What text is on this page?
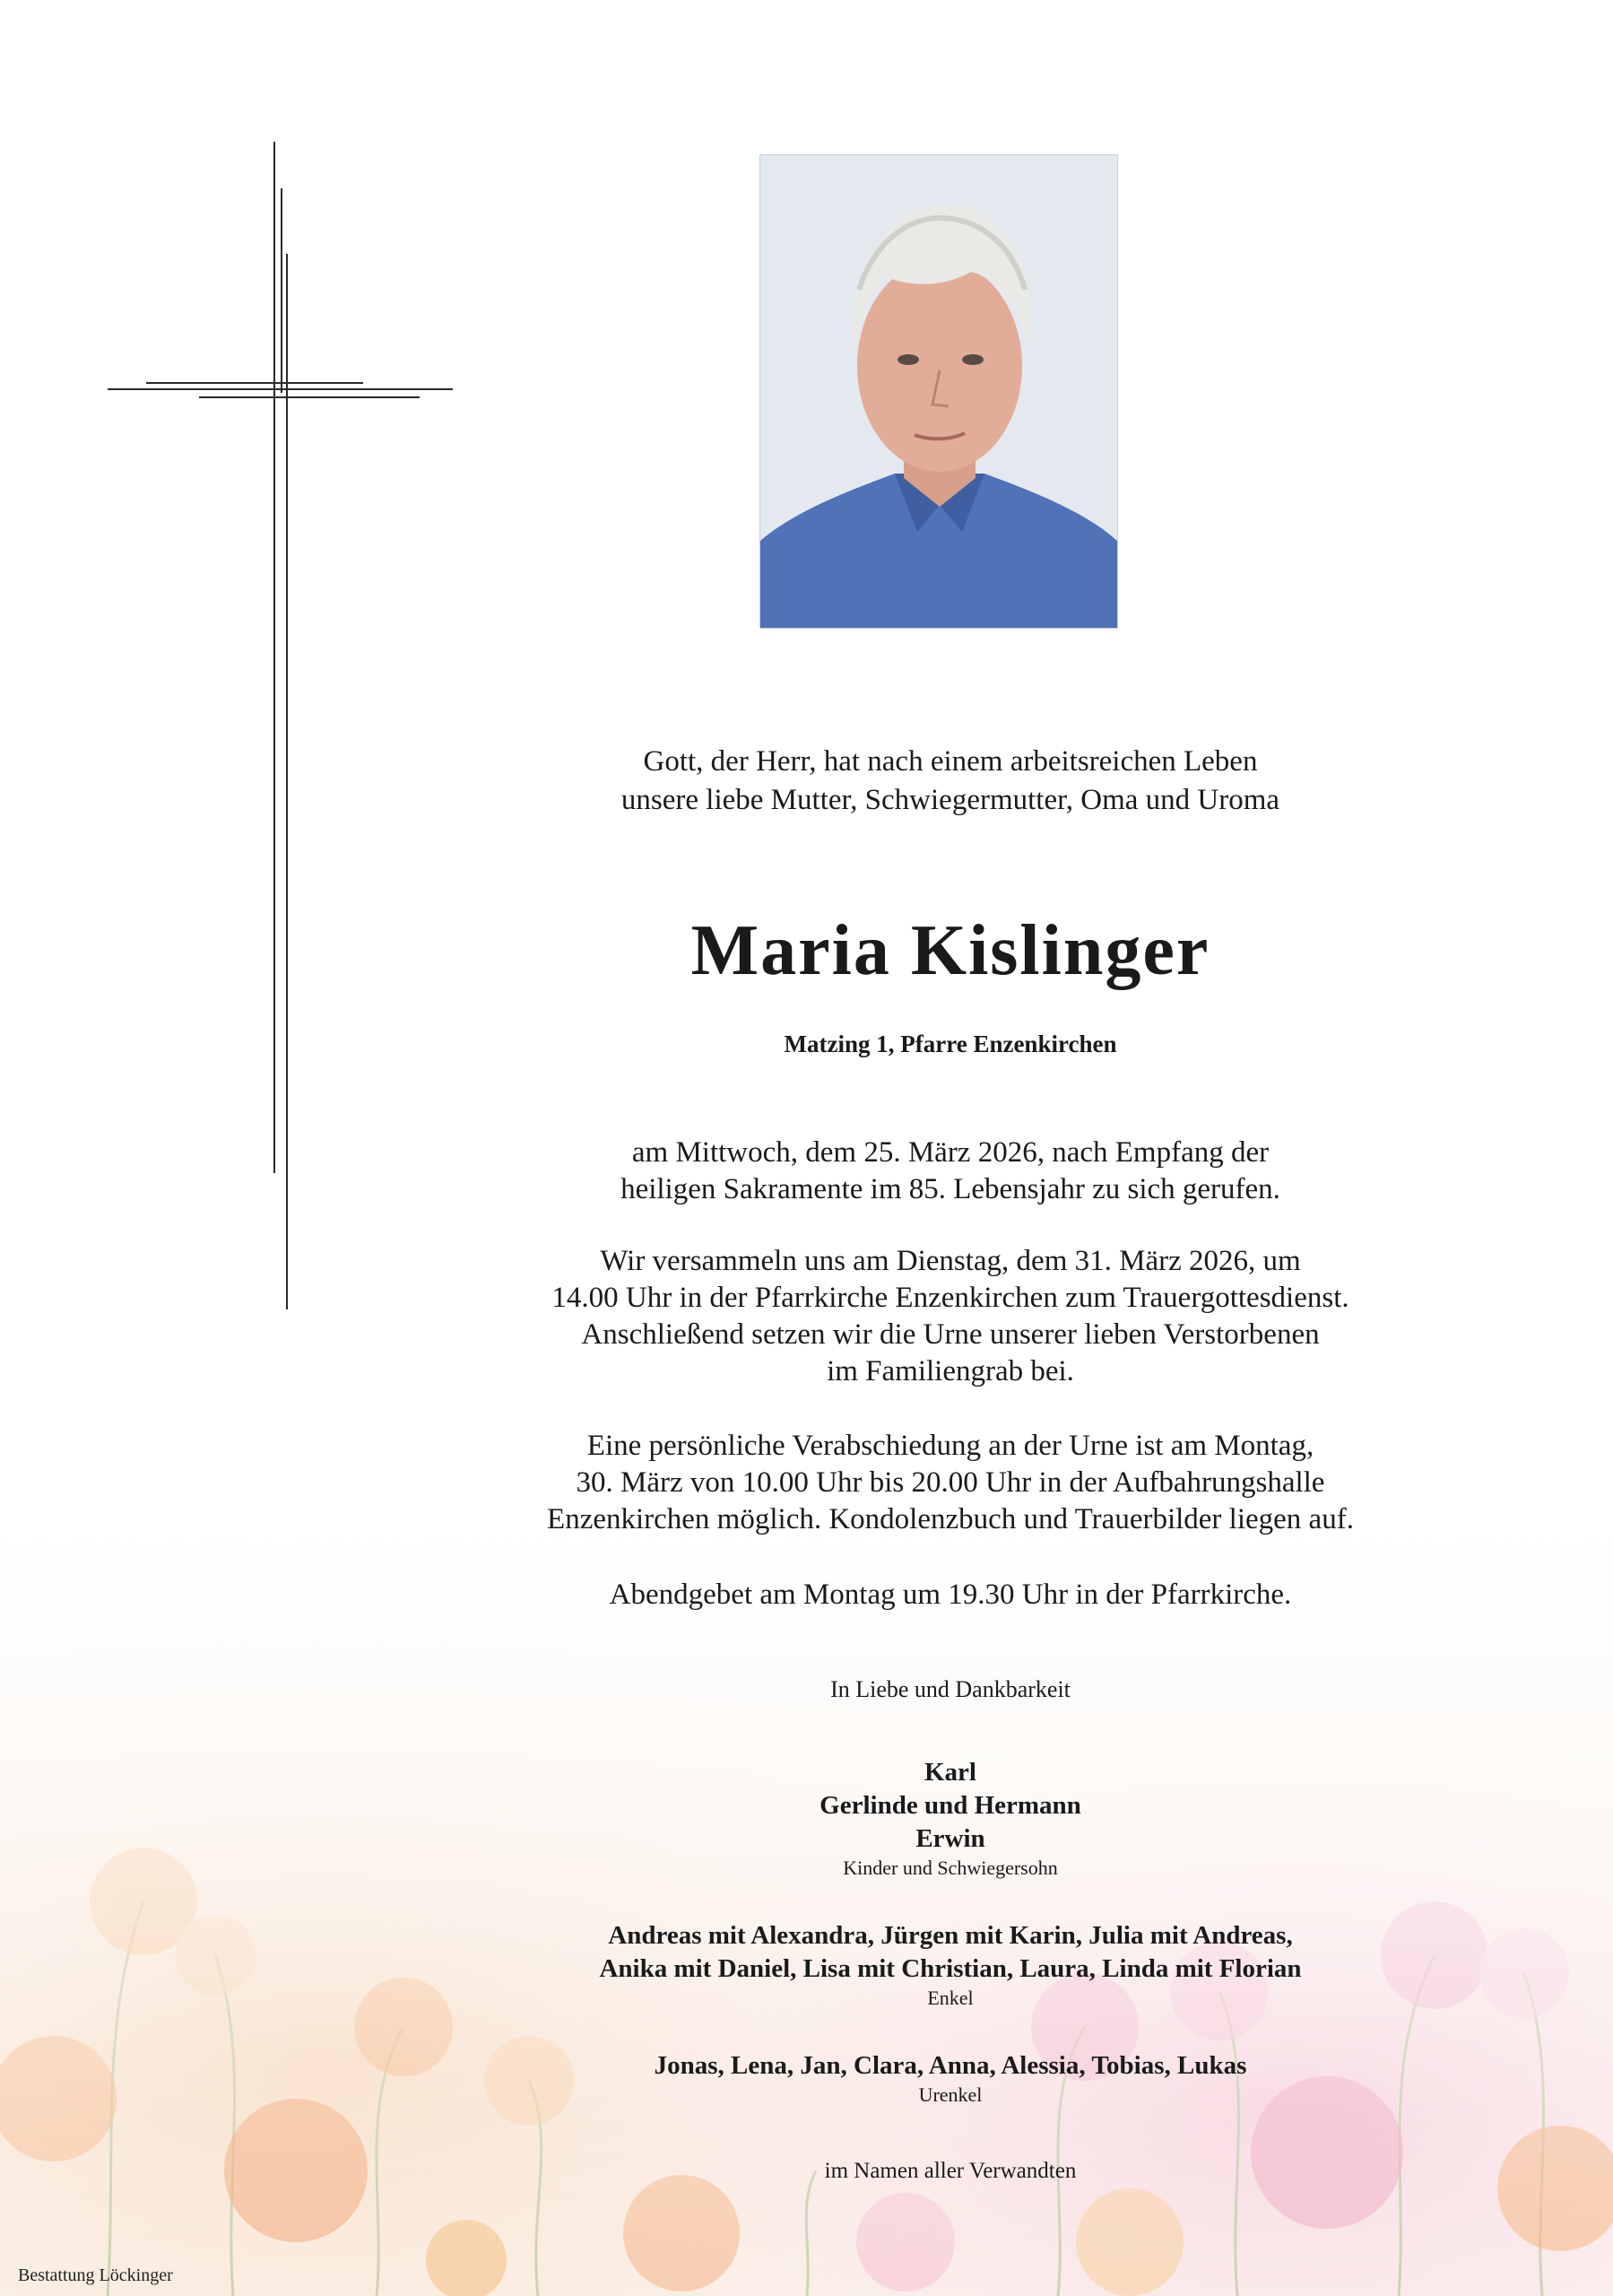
Gott, der Herr, hat nach einem arbeitsreichen Leben
unsere liebe Mutter, Schwiegermutter, Oma und Uroma
Maria Kislinger
Matzing 1, Pfarre Enzenkirchen
am Mittwoch, dem 25. März 2026, nach Empfang der
heiligen Sakramente im 85. Lebensjahr zu sich gerufen.
Wir versammeln uns am Dienstag, dem 31. März 2026, um
14.00 Uhr in der Pfarrkirche Enzenkirchen zum Trauergottesdienst.
Anschließend setzen wir die Urne unserer lieben Verstorbenen
im Familiengrab bei.
Eine persönliche Verabschiedung an der Urne ist am Montag,
30. März von 10.00 Uhr bis 20.00 Uhr in der Aufbahrungshalle
Enzenkirchen möglich. Kondolenzbuch und Trauerbilder liegen auf.
Abendgebet am Montag um 19.30 Uhr in der Pfarrkirche.
In Liebe und Dankbarkeit
Karl
Gerlinde und Hermann
Erwin
Kinder und Schwiegersohn
Andreas mit Alexandra, Jürgen mit Karin, Julia mit Andreas,
Anika mit Daniel, Lisa mit Christian, Laura, Linda mit Florian
Enkel
Jonas, Lena, Jan, Clara, Anna, Alessia, Tobias, Lukas
Urenkel
im Namen aller Verwandten
Bestattung Löckinger
